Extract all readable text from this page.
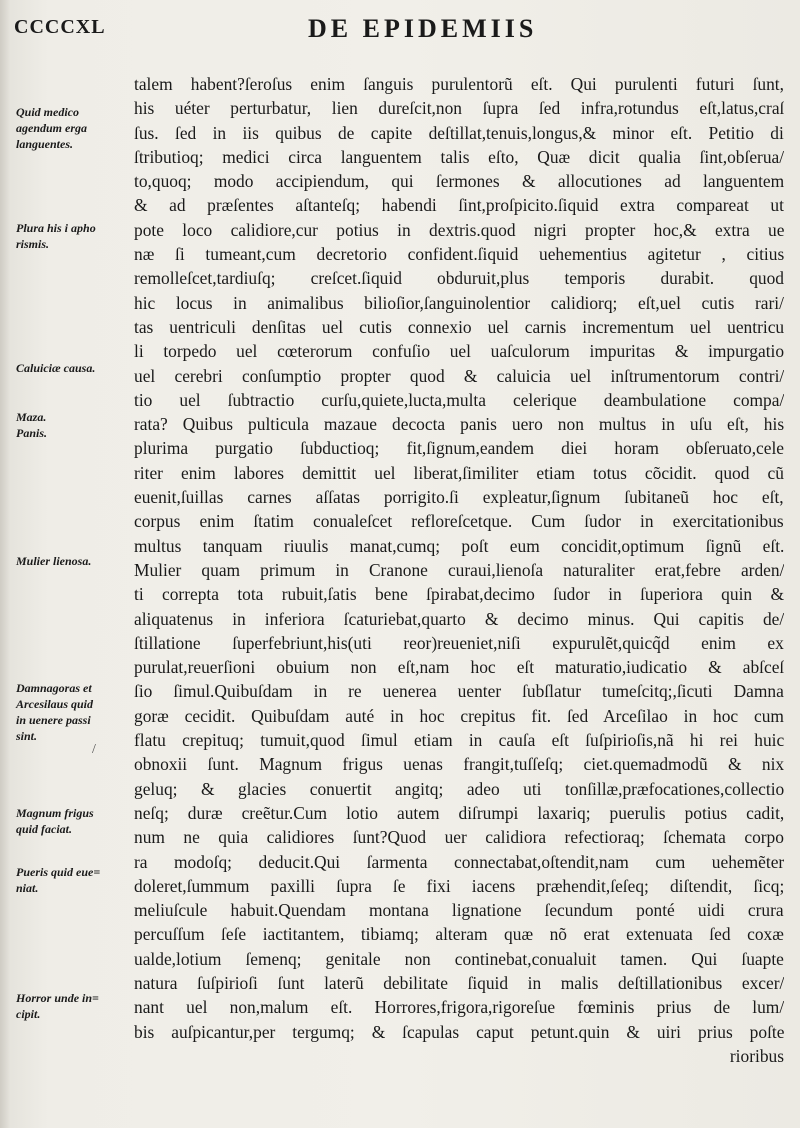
CCCCXL	DE EPIDEMIIS
Quid medico
agendum erga
languentes.
Plura his i apho
rismis.
Caluiciæ causa.
Maza.
Panis.
Mulier lienosa.
Damnagoras et
Arcesilaus quid
in uenere passi
sint.
Magnum frigus
quid faciat.
Pueris quid eue=
niat.
Horror unde in=
cipit.
/
talem habent?ſeroſus enim ſanguis purulentorũ eſt. Qui purulenti futuri ſunt,
his uéter perturbatur, lien dureſcit,non ſupra ſed infra,rotundus eſt,latus,craſ
ſus. ſed in iis quibus de capite deſtillat,tenuis,longus,& minor eſt. Petitio di
ſtributioq; medici circa languentem talis eſto, Quæ dicit qualia ſint,obſerua/
to,quoq; modo accipiendum, qui ſermones & allocutiones ad languentem
& ad præſentes aſtanteſq; habendi ſint,proſpicito.ſiquid extra compareat ut
pote loco calidiore,cur potius in dextris.quod nigri propter hoc,& extra ue
næ ſi tumeant,cum decretorio confident.ſiquid uehementius agitetur , citius
remolleſcet,tardiuſq; creſcet.ſiquid obduruit,plus temporis durabit. quod
hic locus in animalibus bilioſior,ſanguinolentior calidiorq; eſt,uel cutis rari/
tas uentriculi denſitas uel cutis connexio uel carnis incrementum uel uentricu
li torpedo uel cœterorum confuſio uel uaſculorum impuritas & impurgatio
uel cerebri conſumptio propter quod & caluicia uel inſtrumentorum contri/
tio uel ſubtractio curſu,quiete,lucta,multa celerique deambulatione compa/
rata? Quibus pulticula mazaue decocta panis uero non multus in uſu eſt, his
plurima purgatio ſubductioq; fit,ſignum,eandem diei horam obſeruato,cele
riter enim labores demittit uel liberat,ſimiliter etiam totus cõcidit. quod cũ
euenit,ſuillas carnes aſſatas porrigito.ſi expleatur,ſignum ſubitaneũ hoc eſt,
corpus enim ſtatim conualeſcet refloreſcetque. Cum ſudor in exercitationibus
multus tanquam riuulis manat,cumq; poſt eum concidit,optimum ſignũ eſt.
Mulier quam primum in Cranone curaui,lienoſa naturaliter erat,febre arden/
ti correpta tota rubuit,ſatis bene ſpirabat,decimo ſudor in ſuperiora quin &
aliquatenus in inferiora ſcaturiebat,quarto & decimo minus. Qui capitis de/
ſtillatione ſuperfebriunt,his(uti reor)reueniet,niſi expurulẽt,quicq̃d enim ex
purulat,reuerſioni obuium non eſt,nam hoc eſt maturatio,iudicatio & abſceſ
ſio ſimul.Quibuſdam in re uenerea uenter ſubſlatur tumeſcitq;,ſicuti Damna
goræ cecidit. Quibuſdam auté in hoc crepitus fit. ſed Arceſilao in hoc cum
flatu crepituq; tumuit,quod ſimul etiam in cauſa eſt ſuſpirioſis,nã hi rei huic
obnoxii ſunt. Magnum frigus uenas frangit,tuſſeſq; ciet.quemadmodũ & nix
geluq; & glacies conuertit angitq; adeo uti tonſillæ,præfocationes,collectio
neſq; duræ creẽtur.Cum lotio autem diſrumpi laxariq; puerulis potius cadit,
num ne quia calidiores ſunt?Quod uer calidiora refectioraq; ſchemata corpo
ra modoſq; deducit.Qui ſarmenta connectabat,oſtendit,nam cum uehemẽter
doleret,ſummum paxilli ſupra ſe fixi iacens præhendit,ſeſeq; diſtendit, ſicq;
meliuſcule habuit.Quendam montana lignatione ſecundum ponté uidi crura
percuſſum ſeſe iactitantem, tibiamq; alteram quæ nõ erat extenuata ſed coxæ
ualde,lotium ſemenq; genitale non continebat,conualuit tamen. Qui ſuapte
natura ſuſpirioſi ſunt laterũ debilitate ſiquid in malis deſtillationibus excer/
nant uel non,malum eſt. Horrores,frigora,rigoreſue fœminis prius de lum/
bis auſpicantur,per tergumq; & ſcapulas caput petunt.quin & uiri prius poſte
rioribus
